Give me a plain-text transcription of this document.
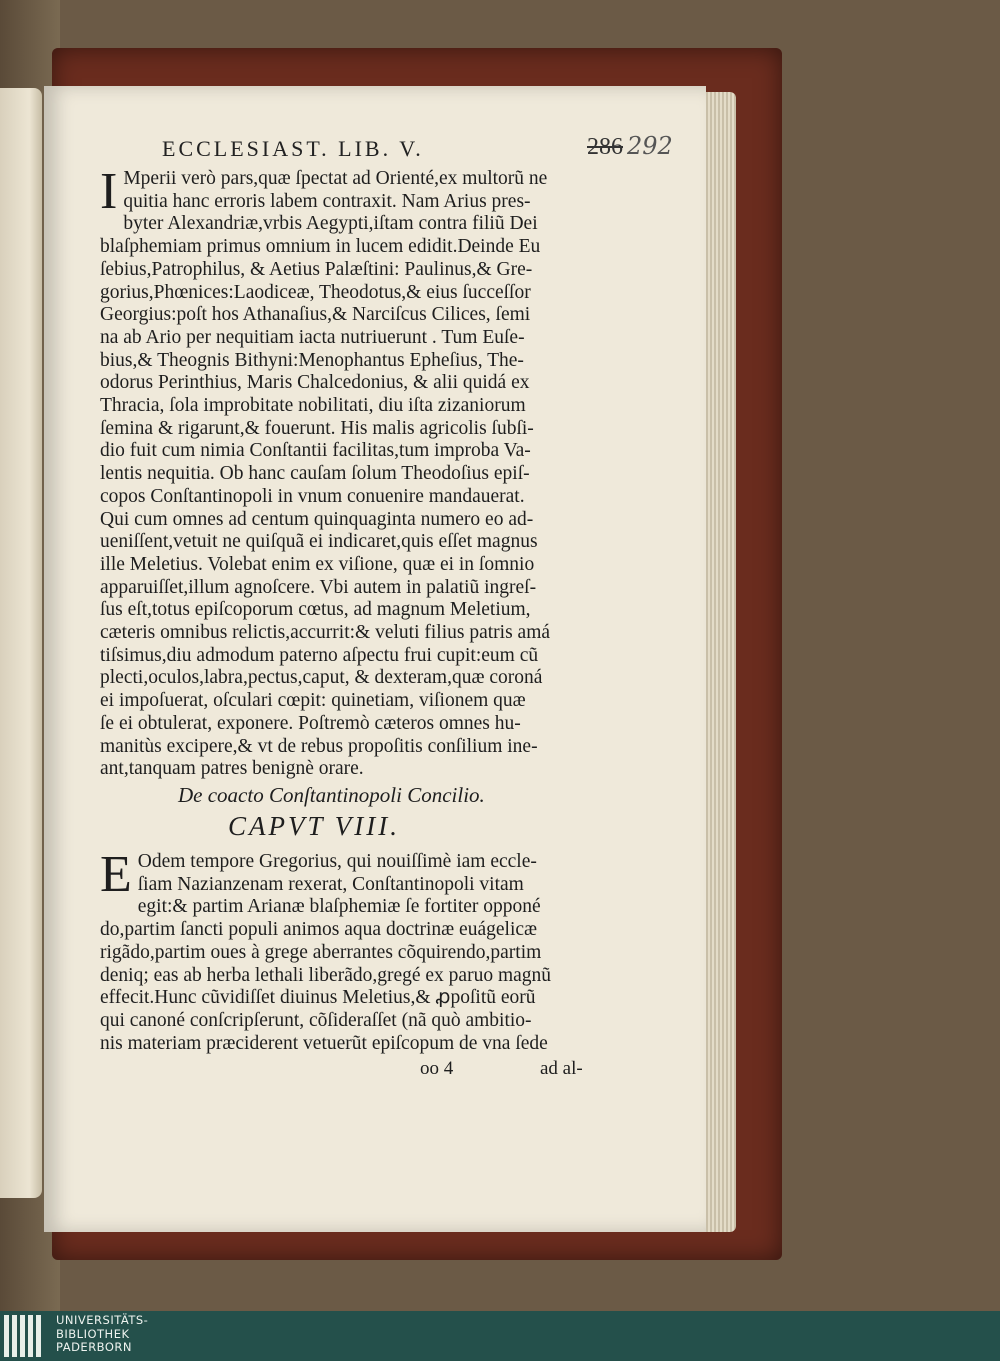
ECCLESIAST. LIB. V.	286 292
I Mperii verò pars,quæ ſpectat ad Orienté,ex multorũ ne
quitia hanc erroris labem contraxit. Nam Arius pres-
byter Alexandriæ,vrbis Aegypti,iſtam contra filiũ Dei
blaſphemiam primus omnium in lucem edidit.Deinde Eu
ſebius,Patrophilus, & Aetius Palæſtini: Paulinus,& Gre-
gorius,Phœnices:Laodiceæ, Theodotus,& eius ſucceſſor
Georgius:poſt hos Athanaſius,& Narciſcus Cilices, ſemi
na ab Ario per nequitiam iacta nutriuerunt . Tum Euſe-
bius,& Theognis Bithyni:Menophantus Epheſius, The-
odorus Perinthius, Maris Chalcedonius, & alii quidá ex
Thracia, ſola improbitate nobilitati, diu iſta zizaniorum
ſemina & rigarunt,& fouerunt. His malis agricolis ſubſi-
dio fuit cum nimia Conſtantii facilitas,tum improba Va-
lentis nequitia. Ob hanc cauſam ſolum Theodoſius epiſ-
copos Conſtantinopoli in vnum conuenire mandauerat.
Qui cum omnes ad centum quinquaginta numero eo ad-
ueniſſent,vetuit ne quiſquã ei indicaret,quis eſſet magnus
ille Meletius. Volebat enim ex viſione, quæ ei in ſomnio
apparuiſſet,illum agnoſcere. Vbi autem in palatiũ ingreſ-
ſus eſt,totus epiſcoporum cœtus, ad magnum Meletium,
cæteris omnibus relictis,accurrit:& veluti filius patris amá
tiſsimus,diu admodum paterno aſpectu frui cupit:eum cũ
plecti,oculos,labra,pectus,caput, & dexteram,quæ coroná
ei impoſuerat, oſculari cœpit: quinetiam, viſionem quæ
ſe ei obtulerat, exponere. Poſtremò cæteros omnes hu-
manitùs excipere,& vt de rebus propoſitis conſilium ine-
ant,tanquam patres benignè orare.
De coacto Conſtantinopoli Concilio.
CAPVT VIII.
E Odem tempore Gregorius, qui nouiſſimè iam eccle-
ſiam Nazianzenam rexerat, Conſtantinopoli vitam
egit:& partim Arianæ blaſphemiæ ſe fortiter opponé
do,partim ſancti populi animos aqua doctrinæ euágelicæ
rigãdo,partim oues à grege aberrantes cõquirendo,partim
deniq; eas ab herba lethali liberãdo,gregé ex paruo magnũ
effecit.Hunc cũvidiſſet diuinus Meletius,& ꝓpoſitũ eorũ
qui canoné conſcripſerunt, cõſideraſſet (nã quò ambitio-
nis materiam præciderent vetuerũt epiſcopum de vna ſede
oo 4	ad al-
UNIVERSITÄTS-
BIBLIOTHEK
PADERBORN
